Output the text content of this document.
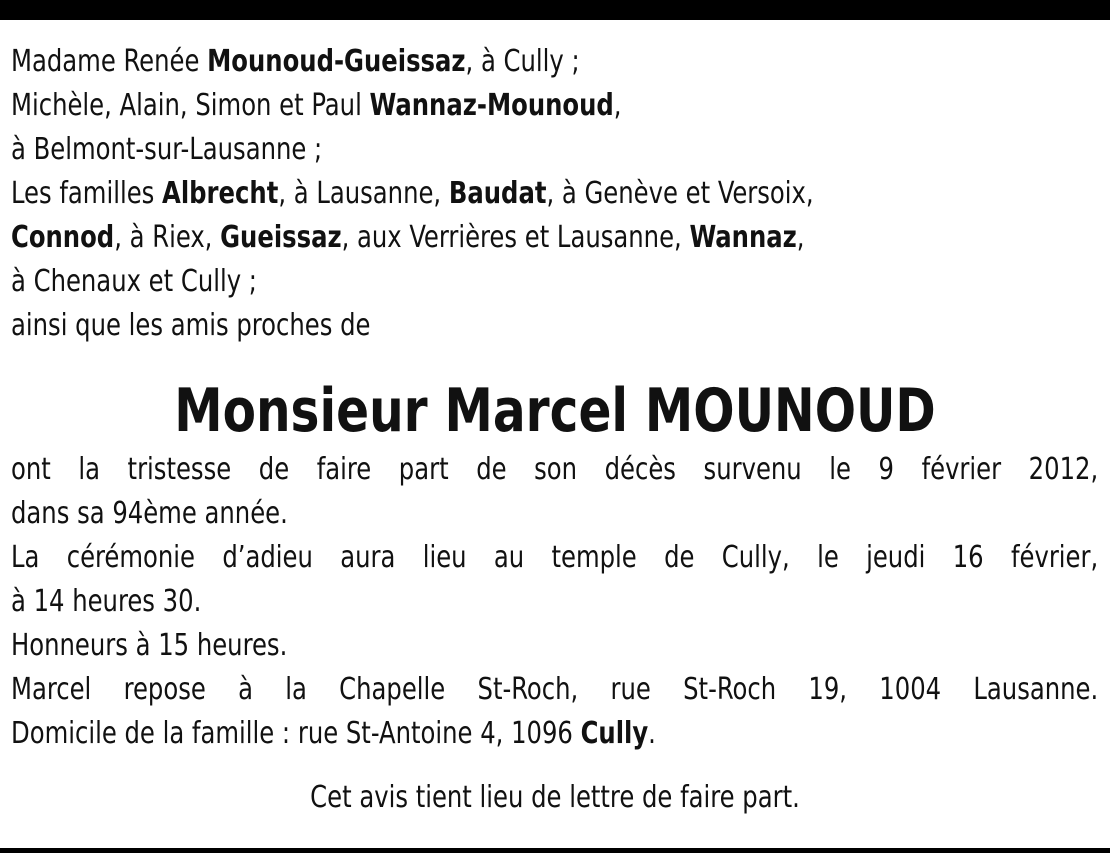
Madame Renée Mounoud-Gueissaz, à Cully ;
Michèle, Alain, Simon et Paul Wannaz-Mounoud,
à Belmont-sur-Lausanne ;
Les familles Albrecht, à Lausanne, Baudat, à Genève et Versoix,
Connod, à Riex, Gueissaz, aux Verrières et Lausanne, Wannaz,
à Chenaux et Cully ;
ainsi que les amis proches de
Monsieur Marcel MOUNOUD
ont la tristesse de faire part de son décès survenu le 9 février 2012,
dans sa 94ème année.
La cérémonie d’adieu aura lieu au temple de Cully, le jeudi 16 février,
à 14 heures 30.
Honneurs à 15 heures.
Marcel repose à la Chapelle St-Roch, rue St-Roch 19, 1004 Lausanne.
Domicile de la famille : rue St-Antoine 4, 1096 Cully.
Cet avis tient lieu de lettre de faire part.
